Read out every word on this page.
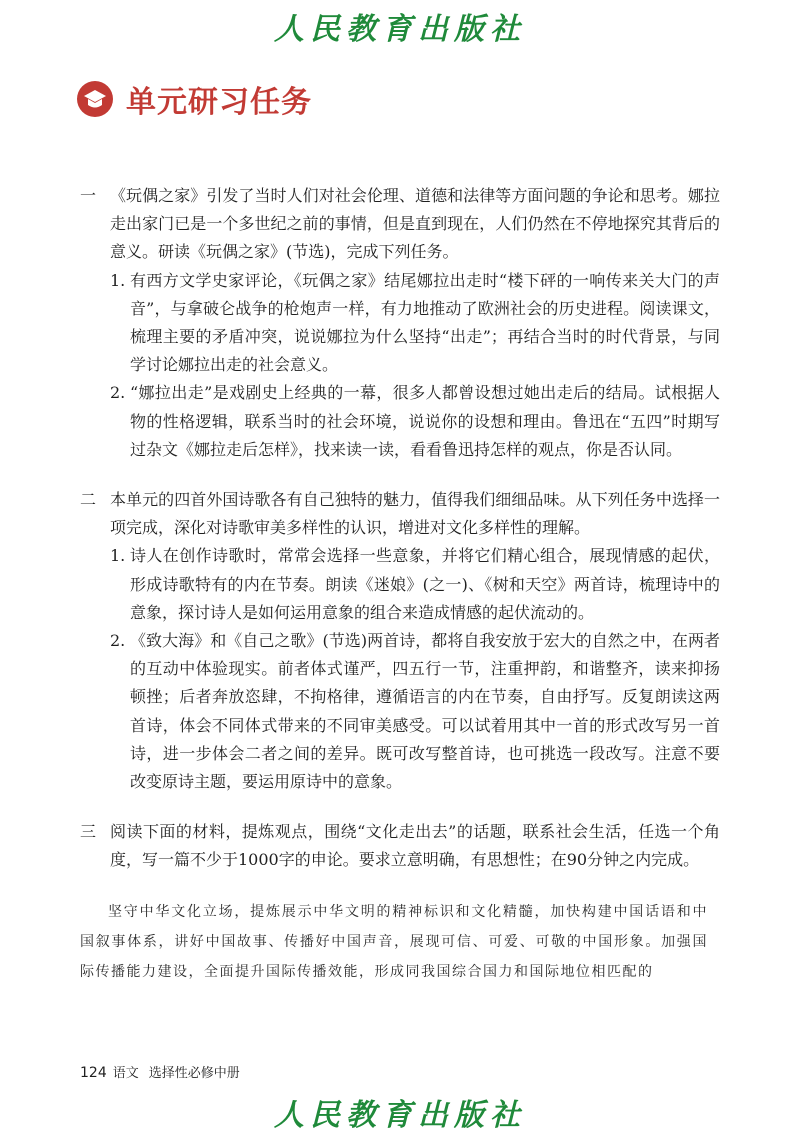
人民教育出版社
单元研习任务
一 《玩偶之家》引发了当时人们对社会伦理、道德和法律等方面问题的争论和思考。娜拉走出家门已是一个多世纪之前的事情，但是直到现在，人们仍然在不停地探究其背后的意义。研读《玩偶之家》(节选)，完成下列任务。
1. 有西方文学史家评论，《玩偶之家》结尾娜拉出走时“楼下砰的一响传来关大门的声音”，与拿破仑战争的枪炮声一样，有力地推动了欧洲社会的历史进程。阅读课文，梳理主要的矛盾冲突，说说娜拉为什么坚持“出走”；再结合当时的时代背景，与同学讨论娜拉出走的社会意义。
2. “娜拉出走”是戏剧史上经典的一幕，很多人都曾设想过她出走后的结局。试根据人物的性格逻辑，联系当时的社会环境，说说你的设想和理由。鲁迅在“五四”时期写过杂文《娜拉走后怎样》，找来读一读，看看鲁迅持怎样的观点，你是否认同。
二 本单元的四首外国诗歌各有自己独特的魅力，值得我们细细品味。从下列任务中选择一项完成，深化对诗歌审美多样性的认识，增进对文化多样性的理解。
1. 诗人在创作诗歌时，常常会选择一些意象，并将它们精心组合，展现情感的起伏，形成诗歌特有的内在节奏。朗读《迷娘》(之一)、《树和天空》两首诗，梳理诗中的意象，探讨诗人是如何运用意象的组合来造成情感的起伏流动的。
2. 《致大海》和《自己之歌》(节选)两首诗，都将自我安放于宏大的自然之中，在两者的互动中体验现实。前者体式谨严，四五行一节，注重押韵，和谐整齐，读来抑扬顿挫；后者奔放恣肆，不拘格律，遵循语言的内在节奏，自由抒写。反复朗读这两首诗，体会不同体式带来的不同审美感受。可以试着用其中一首的形式改写另一首诗，进一步体会二者之间的差异。既可改写整首诗，也可挑选一段改写。注意不要改变原诗主题，要运用原诗中的意象。
三 阅读下面的材料，提炼观点，围绕“文化走出去”的话题，联系社会生活，任选一个角度，写一篇不少于1000字的申论。要求立意明确，有思想性；在90分钟之内完成。
坚守中华文化立场，提炼展示中华文明的精神标识和文化精髓，加快构建中国话语和中国叙事体系，讲好中国故事、传播好中国声音，展现可信、可爱、可敬的中国形象。加强国际传播能力建设，全面提升国际传播效能，形成同我国综合国力和国际地位相匹配的
124 语文 选择性必修中册
人民教育出版社
